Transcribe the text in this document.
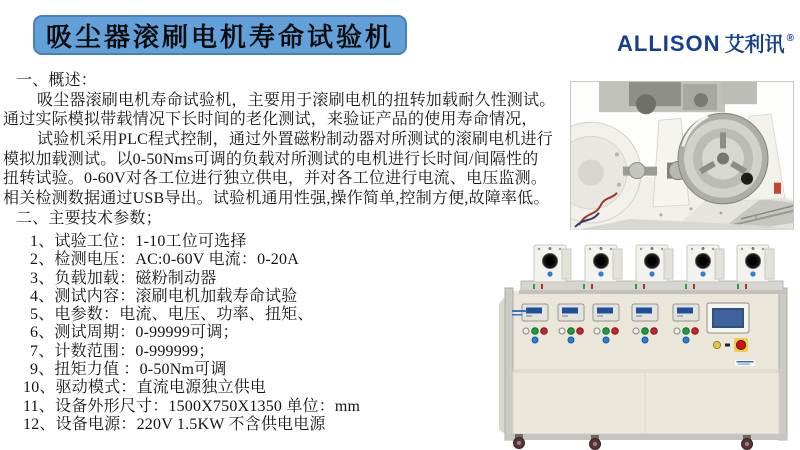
吸尘器滚刷电机寿命试验机	ALLISON 艾利讯 ®
一、概述：
吸尘器滚刷电机寿命试验机，主要用于滚刷电机的扭转加载耐久性测试。
通过实际模拟带载情况下长时间的老化测试，来验证产品的使用寿命情况，
试验机采用PLC程式控制，通过外置磁粉制动器对所测试的滚刷电机进行
模拟加载测试。以0-50Nms可调的负载对所测试的电机进行长时间/间隔性的
扭转试验。0-60V对各工位进行独立供电，并对各工位进行电流、电压监测。
相关检测数据通过USB导出。试验机通用性强,操作简单,控制方便,故障率低。
二、主要技术参数；
1、试验工位：1-10工位可选择
2、检测电压：AC:0-60V 电流：0-20A
3、负载加载：磁粉制动器
4、测试内容：滚刷电机加载寿命试验
5、电参数：电流、电压、功率、扭矩、
6、测试周期：0-99999可调；
7、计数范围：0-999999；
9、扭矩力值 ：0-50Nm可调
10、驱动模式：直流电源独立供电
11、设备外形尺寸：1500X750X1350 单位：mm
12、设备电源：220V 1.5KW 不含供电电源
